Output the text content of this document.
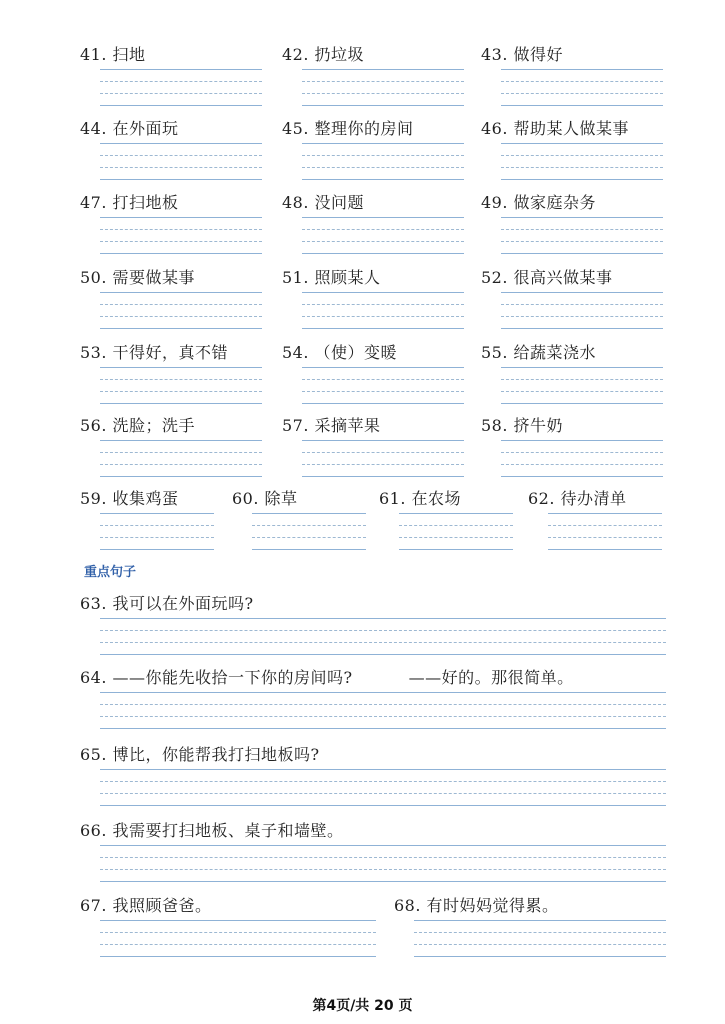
41. 扫地	42. 扔垃圾	43. 做得好
44. 在外面玩	45. 整理你的房间	46. 帮助某人做某事
47. 打扫地板	48. 没问题	49. 做家庭杂务
50. 需要做某事	51. 照顾某人	52. 很高兴做某事
53. 干得好，真不错	54. （使）变暖	55. 给蔬菜浇水
56. 洗脸；洗手	57. 采摘苹果	58. 挤牛奶
59. 收集鸡蛋	60. 除草	61. 在农场	62. 待办清单
重点句子
63. 我可以在外面玩吗?
64. ——你能先收拾一下你的房间吗?	——好的。那很简单。
65. 博比，你能帮我打扫地板吗?
66. 我需要打扫地板、桌子和墙壁。
67. 我照顾爸爸。	68. 有时妈妈觉得累。
第4页/共 20 页
